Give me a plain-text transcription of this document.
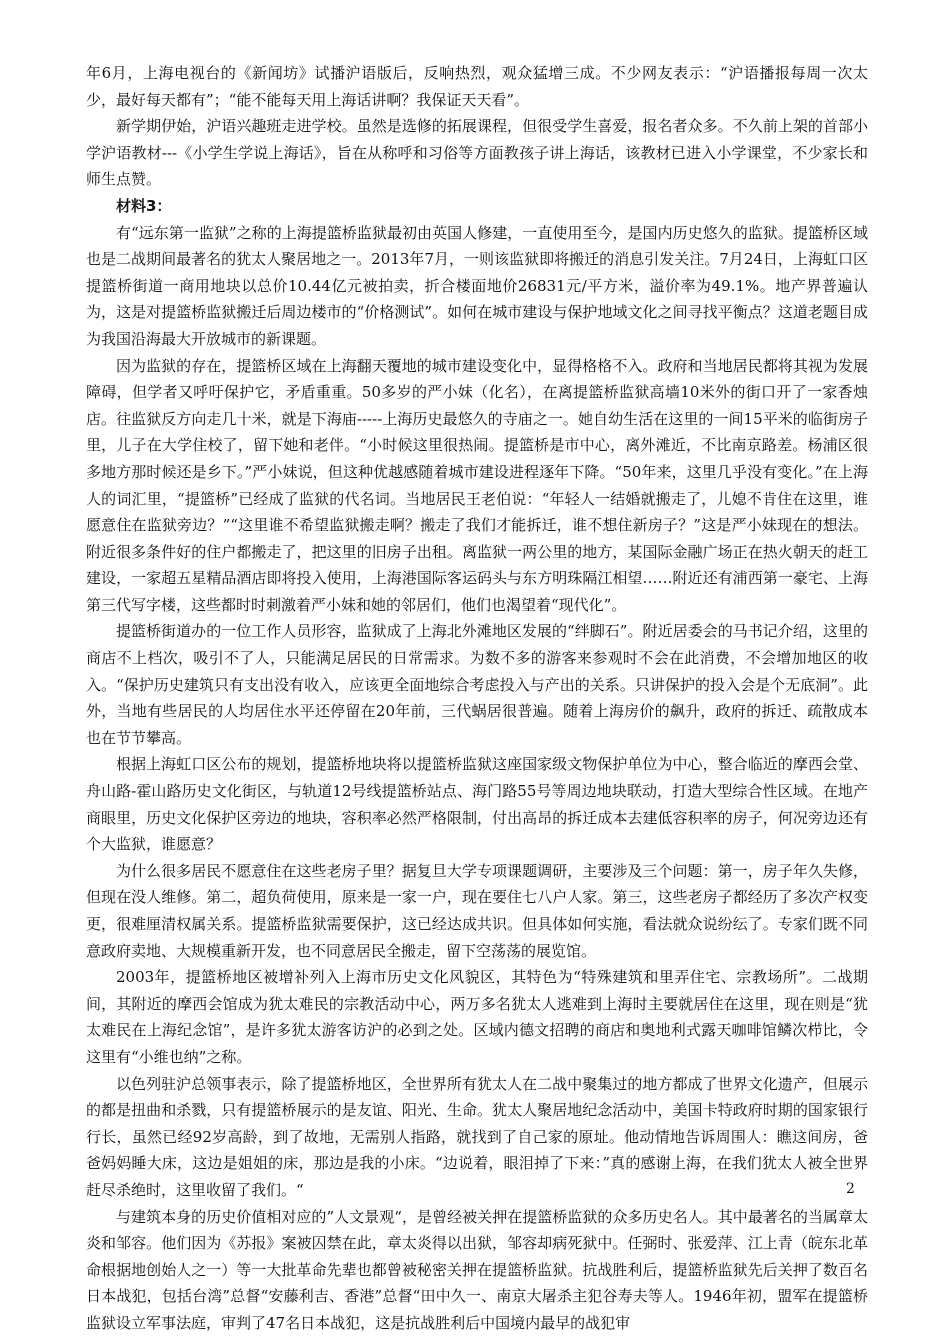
年6月，上海电视台的《新闻坊》试播沪语版后，反响热烈，观众猛增三成。不少网友表示：“沪语播报每周一次太少，最好每天都有”；“能不能每天用上海话讲啊？我保证天天看”。

新学期伊始，沪语兴趣班走进学校。虽然是选修的拓展课程，但很受学生喜爱，报名者众多。不久前上架的首部小学沪语教材---《小学生学说上海话》，旨在从称呼和习俗等方面教孩子讲上海话，该教材已进入小学课堂，不少家长和师生点赞。

材料3：

有“远东第一监狱”之称的上海提篮桥监狱最初由英国人修建，一直使用至今，是国内历史悠久的监狱。提篮桥区域也是二战期间最著名的犹太人聚居地之一。2013年7月，一则该监狱即将搬迁的消息引发关注。7月24日，上海虹口区提篮桥街道一商用地块以总价10.44亿元被拍卖，折合楼面地价26831元/平方米，溢价率为49.1%。地产界普遍认为，这是对提篮桥监狱搬迁后周边楼市的“价格测试”。如何在城市建设与保护地域文化之间寻找平衡点？这道老题目成为我国沿海最大开放城市的新课题。

因为监狱的存在，提篮桥区域在上海翻天覆地的城市建设变化中，显得格格不入。政府和当地居民都将其视为发展障碍，但学者又呼吁保护它，矛盾重重。50多岁的严小妹（化名），在离提篮桥监狱高墙10米外的街口开了一家香烛店。往监狱反方向走几十米，就是下海庙-----上海历史最悠久的寺庙之一。她自幼生活在这里的一间15平米的临街房子里，儿子在大学住校了，留下她和老伴。“小时候这里很热闹。提篮桥是市中心，离外滩近，不比南京路差。杨浦区很多地方那时候还是乡下。”严小妹说，但这种优越感随着城市建设进程逐年下降。“50年来，这里几乎没有变化。”在上海人的词汇里，“提篮桥”已经成了监狱的代名词。当地居民王老伯说：“年轻人一结婚就搬走了，儿媳不肯住在这里，谁愿意住在监狱旁边？”“这里谁不希望监狱搬走啊？搬走了我们才能拆迁，谁不想住新房子？”这是严小妹现在的想法。附近很多条件好的住户都搬走了，把这里的旧房子出租。离监狱一两公里的地方，某国际金融广场正在热火朝天的赶工建设，一家超五星精品酒店即将投入使用，上海港国际客运码头与东方明珠隔江相望……附近还有浦西第一豪宅、上海第三代写字楼，这些都时时刺激着严小妹和她的邻居们，他们也渴望着“现代化”。

提篮桥街道办的一位工作人员形容，监狱成了上海北外滩地区发展的“绊脚石”。附近居委会的马书记介绍，这里的商店不上档次，吸引不了人，只能满足居民的日常需求。为数不多的游客来参观时不会在此消费，不会增加地区的收入。“保护历史建筑只有支出没有收入，应该更全面地综合考虑投入与产出的关系。只讲保护的投入会是个无底洞”。此外，当地有些居民的人均居住水平还停留在20年前，三代蜗居很普遍。随着上海房价的飙升，政府的拆迁、疏散成本也在节节攀高。

根据上海虹口区公布的规划，提篮桥地块将以提篮桥监狱这座国家级文物保护单位为中心，整合临近的摩西会堂、舟山路-霍山路历史文化街区，与轨道12号线提篮桥站点、海门路55号等周边地块联动，打造大型综合性区域。在地产商眼里，历史文化保护区旁边的地块，容积率必然严格限制，付出高昂的拆迁成本去建低容积率的房子，何况旁边还有个大监狱，谁愿意？

为什么很多居民不愿意住在这些老房子里？据复旦大学专项课题调研，主要涉及三个问题：第一，房子年久失修，但现在没人维修。第二，超负荷使用，原来是一家一户，现在要住七八户人家。第三，这些老房子都经历了多次产权变更，很难厘清权属关系。提篮桥监狱需要保护，这已经达成共识。但具体如何实施，看法就众说纷纭了。专家们既不同意政府卖地、大规模重新开发，也不同意居民全搬走，留下空荡荡的展览馆。

2003年，提篮桥地区被增补列入上海市历史文化风貌区，其特色为“特殊建筑和里弄住宅、宗教场所”。二战期间，其附近的摩西会馆成为犹太难民的宗教活动中心，两万多名犹太人逃难到上海时主要就居住在这里，现在则是“犹太难民在上海纪念馆”，是许多犹太游客访沪的必到之处。区域内德文招聘的商店和奥地利式露天咖啡馆鳞次栉比，令这里有“小维也纳”之称。

以色列驻沪总领事表示，除了提篮桥地区，全世界所有犹太人在二战中聚集过的地方都成了世界文化遗产，但展示的都是扭曲和杀戮，只有提篮桥展示的是友谊、阳光、生命。犹太人聚居地纪念活动中，美国卡特政府时期的国家银行行长，虽然已经92岁高龄，到了故地，无需别人指路，就找到了自己家的原址。他动情地告诉周围人：瞧这间房，爸爸妈妈睡大床，这边是姐姐的床，那边是我的小床。“边说着，眼泪掉了下来：”真的感谢上海，在我们犹太人被全世界赶尽杀绝时，这里收留了我们。“

与建筑本身的历史价值相对应的”人文景观“，是曾经被关押在提篮桥监狱的众多历史名人。其中最著名的当属章太炎和邹容。他们因为《苏报》案被囚禁在此，章太炎得以出狱，邹容却病死狱中。任弼时、张爱萍、江上青（皖东北革命根据地创始人之一）等一大批革命先辈也都曾被秘密关押在提篮桥监狱。抗战胜利后，提篮桥监狱先后关押了数百名日本战犯，包括台湾”总督“安藤利吉、香港”总督“田中久一、南京大屠杀主犯谷寿夫等人。1946年初，盟军在提篮桥监狱设立军事法庭，审判了47名日本战犯，这是抗战胜利后中国境内最早的战犯审

2
